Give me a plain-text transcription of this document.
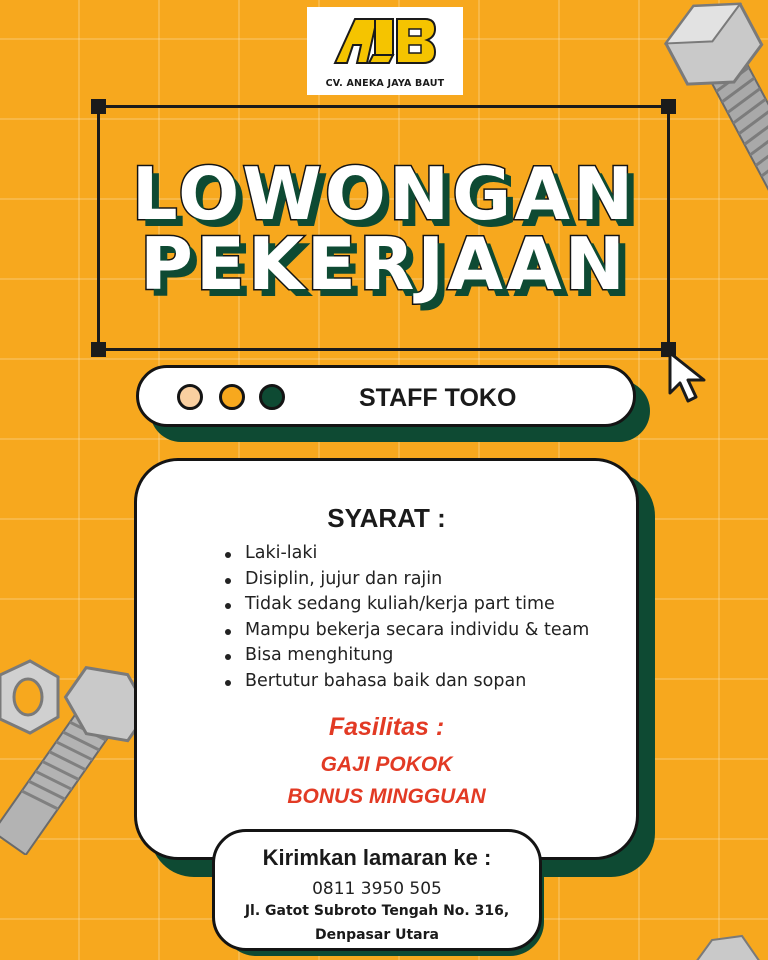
CV. ANEKA JAYA BAUT
LOWONGAN
PEKERJAAN
STAFF TOKO
SYARAT :
Laki-laki
Disiplin, jujur dan rajin
Tidak sedang kuliah/kerja part time
Mampu bekerja secara individu & team
Bisa menghitung
Bertutur bahasa baik dan sopan
Fasilitas :
GAJI POKOK
BONUS MINGGUAN
Kirimkan lamaran ke :
0811 3950 505
Jl. Gatot Subroto Tengah No. 316,
Denpasar Utara
